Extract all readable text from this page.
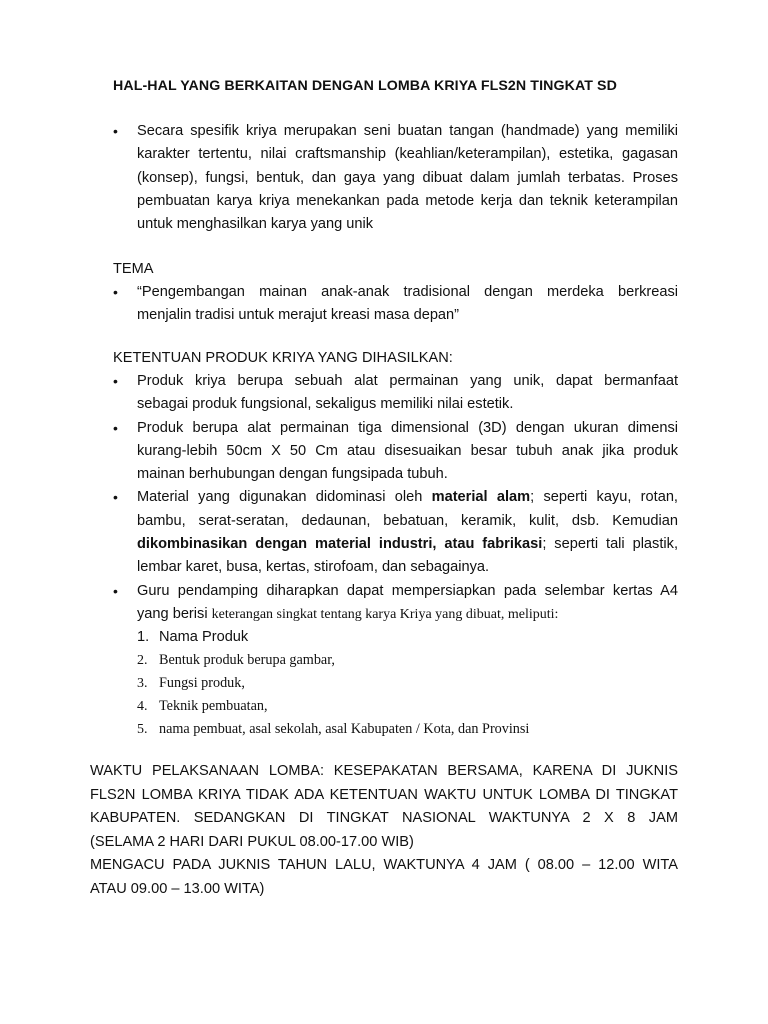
HAL-HAL YANG BERKAITAN DENGAN LOMBA KRIYA FLS2N TINGKAT SD
• Secara spesifik kriya merupakan seni buatan tangan (handmade) yang memiliki
karakter tertentu, nilai craftsmanship (keahlian/keterampilan), estetika, gagasan
(konsep), fungsi, bentuk, dan gaya yang dibuat dalam jumlah terbatas. Proses
pembuatan karya kriya menekankan pada metode kerja dan teknik keterampilan
untuk menghasilkan karya yang unik
TEMA
• “Pengembangan mainan anak-anak tradisional dengan merdeka berkreasi
menjalin tradisi untuk merajut kreasi masa depan”
KETENTUAN PRODUK KRIYA YANG DIHASILKAN:
• Produk kriya berupa sebuah alat permainan yang unik, dapat bermanfaat
sebagai produk fungsional, sekaligus memiliki nilai estetik.
• Produk berupa alat permainan tiga dimensional (3D) dengan ukuran dimensi
kurang-lebih 50cm X 50 Cm atau disesuaikan besar tubuh anak jika produk
mainan berhubungan dengan fungsipada tubuh.
• Material yang digunakan didominasi oleh material alam; seperti kayu, rotan,
bambu, serat-seratan, dedaunan, bebatuan, keramik, kulit, dsb. Kemudian
dikombinasikan dengan material industri, atau fabrikasi; seperti tali plastik,
lembar karet, busa, kertas, stirofoam, dan sebagainya.
• Guru pendamping diharapkan dapat mempersiapkan pada selembar kertas A4
yang berisi keterangan singkat tentang karya Kriya yang dibuat, meliputi:
1. Nama Produk
2. Bentuk produk berupa gambar,
3. Fungsi produk,
4. Teknik pembuatan,
5. nama pembuat, asal sekolah, asal Kabupaten / Kota, dan Provinsi
WAKTU PELAKSANAAN LOMBA: KESEPAKATAN BERSAMA, KARENA DI JUKNIS
FLS2N LOMBA KRIYA TIDAK ADA KETENTUAN WAKTU UNTUK LOMBA DI TINGKAT
KABUPATEN. SEDANGKAN DI TINGKAT NASIONAL WAKTUNYA 2 X 8 JAM
(SELAMA 2 HARI DARI PUKUL 08.00-17.00 WIB)
MENGACU PADA JUKNIS TAHUN LALU, WAKTUNYA 4 JAM ( 08.00 – 12.00 WITA
ATAU 09.00 – 13.00 WITA)
